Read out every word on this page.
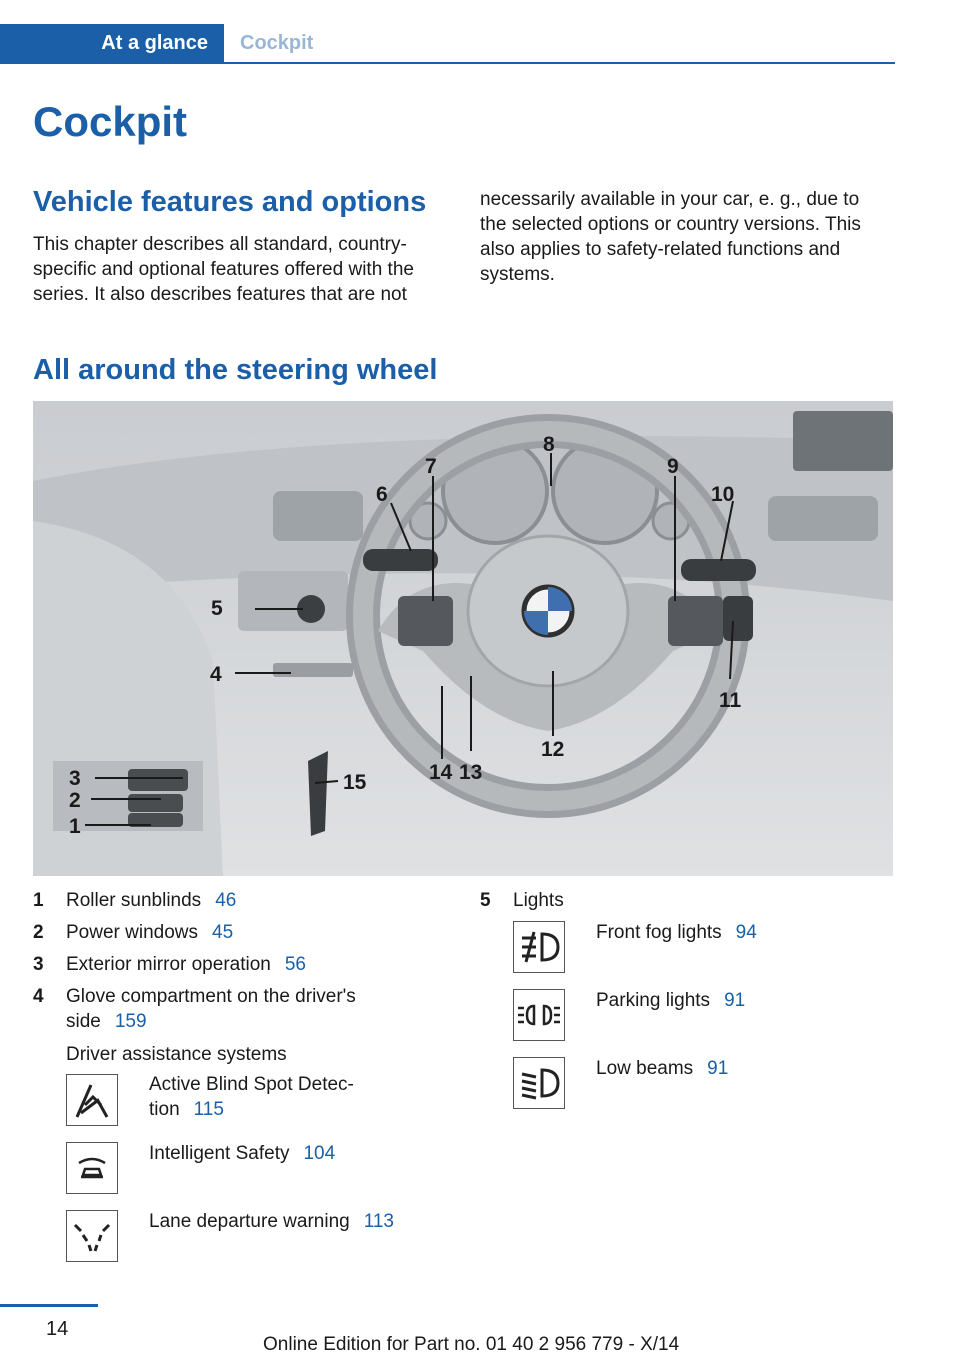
At a glance	Cockpit
Cockpit
Vehicle features and options
This chapter describes all standard, country-
specific and optional features offered with the
series. It also describes features that are not
necessarily available in your car, e. g., due to
the selected options or country versions. This
also applies to safety-related functions and
systems.
All around the steering wheel
3
2
1
4
5
6
7
8
9
10
11
12
13
14
15
1 Roller sunblinds 46
2 Power windows 45
3 Exterior mirror operation 56
4 Glove compartment on the driver's
side 159
Driver assistance systems
Active Blind Spot Detec-
tion 115
Intelligent Safety 104
Lane departure warning 113
5 Lights
Front fog lights 94
Parking lights 91
Low beams 91
14
Online Edition for Part no. 01 40 2 956 779 - X/14
